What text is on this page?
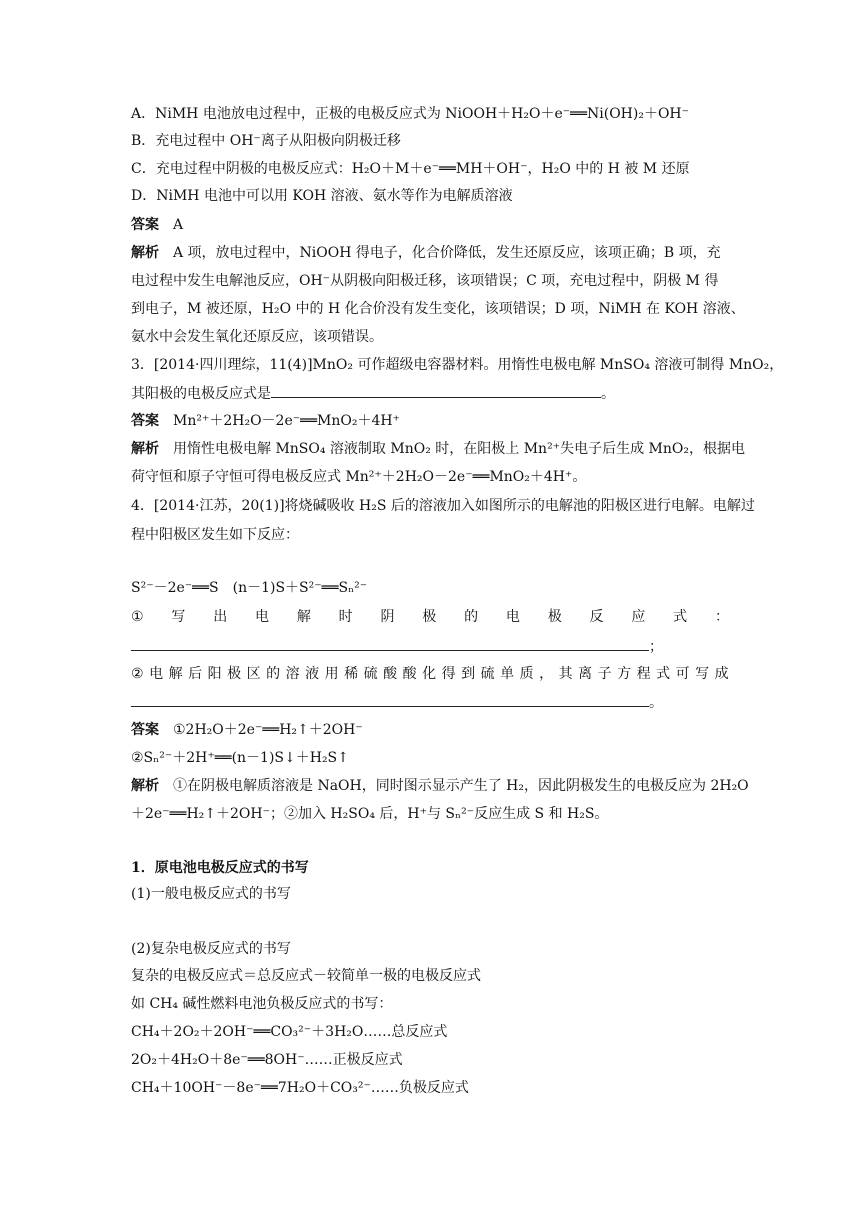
A．NiMH 电池放电过程中，正极的电极反应式为 NiOOH＋H₂O＋e⁻══Ni(OH)₂＋OH⁻
B．充电过程中 OH⁻离子从阳极向阴极迁移
C．充电过程中阴极的电极反应式：H₂O＋M＋e⁻══MH＋OH⁻，H₂O 中的 H 被 M 还原
D．NiMH 电池中可以用 KOH 溶液、氨水等作为电解质溶液
答案 A
解析 A 项，放电过程中，NiOOH 得电子，化合价降低，发生还原反应，该项正确；B 项，充
电过程中发生电解池反应，OH⁻从阴极向阳极迁移，该项错误；C 项，充电过程中，阴极 M 得
到电子，M 被还原，H₂O 中的 H 化合价没有发生变化，该项错误；D 项，NiMH 在 KOH 溶液、
氨水中会发生氧化还原反应，该项错误。
3．[2014·四川理综，11(4)]MnO₂ 可作超级电容器材料。用惰性电极电解 MnSO₄ 溶液可制得 MnO₂，
其阳极的电极反应式是	。
答案 Mn²⁺＋2H₂O－2e⁻══MnO₂＋4H⁺
解析 用惰性电极电解 MnSO₄ 溶液制取 MnO₂ 时，在阳极上 Mn²⁺失电子后生成 MnO₂，根据电
荷守恒和原子守恒可得电极反应式 Mn²⁺＋2H₂O－2e⁻══MnO₂＋4H⁺。
4．[2014·江苏，20(1)]将烧碱吸收 H₂S 后的溶液加入如图所示的电解池的阳极区进行电解。电解过
程中阳极区发生如下反应：
S²⁻－2e⁻══S　(n－1)S＋S²⁻══Sₙ²⁻
① 写 出 电 解 时 阴 极 的 电 极 反 应 式 ：
；
② 电 解 后 阳 极 区 的 溶 液 用 稀 硫 酸 酸 化 得 到 硫 单 质 ， 其 离 子 方 程 式 可 写 成
。
答案 ①2H₂O＋2e⁻══H₂↑＋2OH⁻
②Sₙ²⁻＋2H⁺══(n－1)S↓＋H₂S↑
解析 ①在阴极电解质溶液是 NaOH，同时图示显示产生了 H₂，因此阴极发生的电极反应为 2H₂O
＋2e⁻══H₂↑＋2OH⁻；②加入 H₂SO₄ 后，H⁺与 Sₙ²⁻反应生成 S 和 H₂S。
1．原电池电极反应式的书写
(1)一般电极反应式的书写
(2)复杂电极反应式的书写
复杂的电极反应式＝总反应式－较简单一极的电极反应式
如 CH₄ 碱性燃料电池负极反应式的书写：
CH₄＋2O₂＋2OH⁻══CO₃²⁻＋3H₂O……总反应式
2O₂＋4H₂O＋8e⁻══8OH⁻……正极反应式
CH₄＋10OH⁻－8e⁻══7H₂O＋CO₃²⁻……负极反应式
